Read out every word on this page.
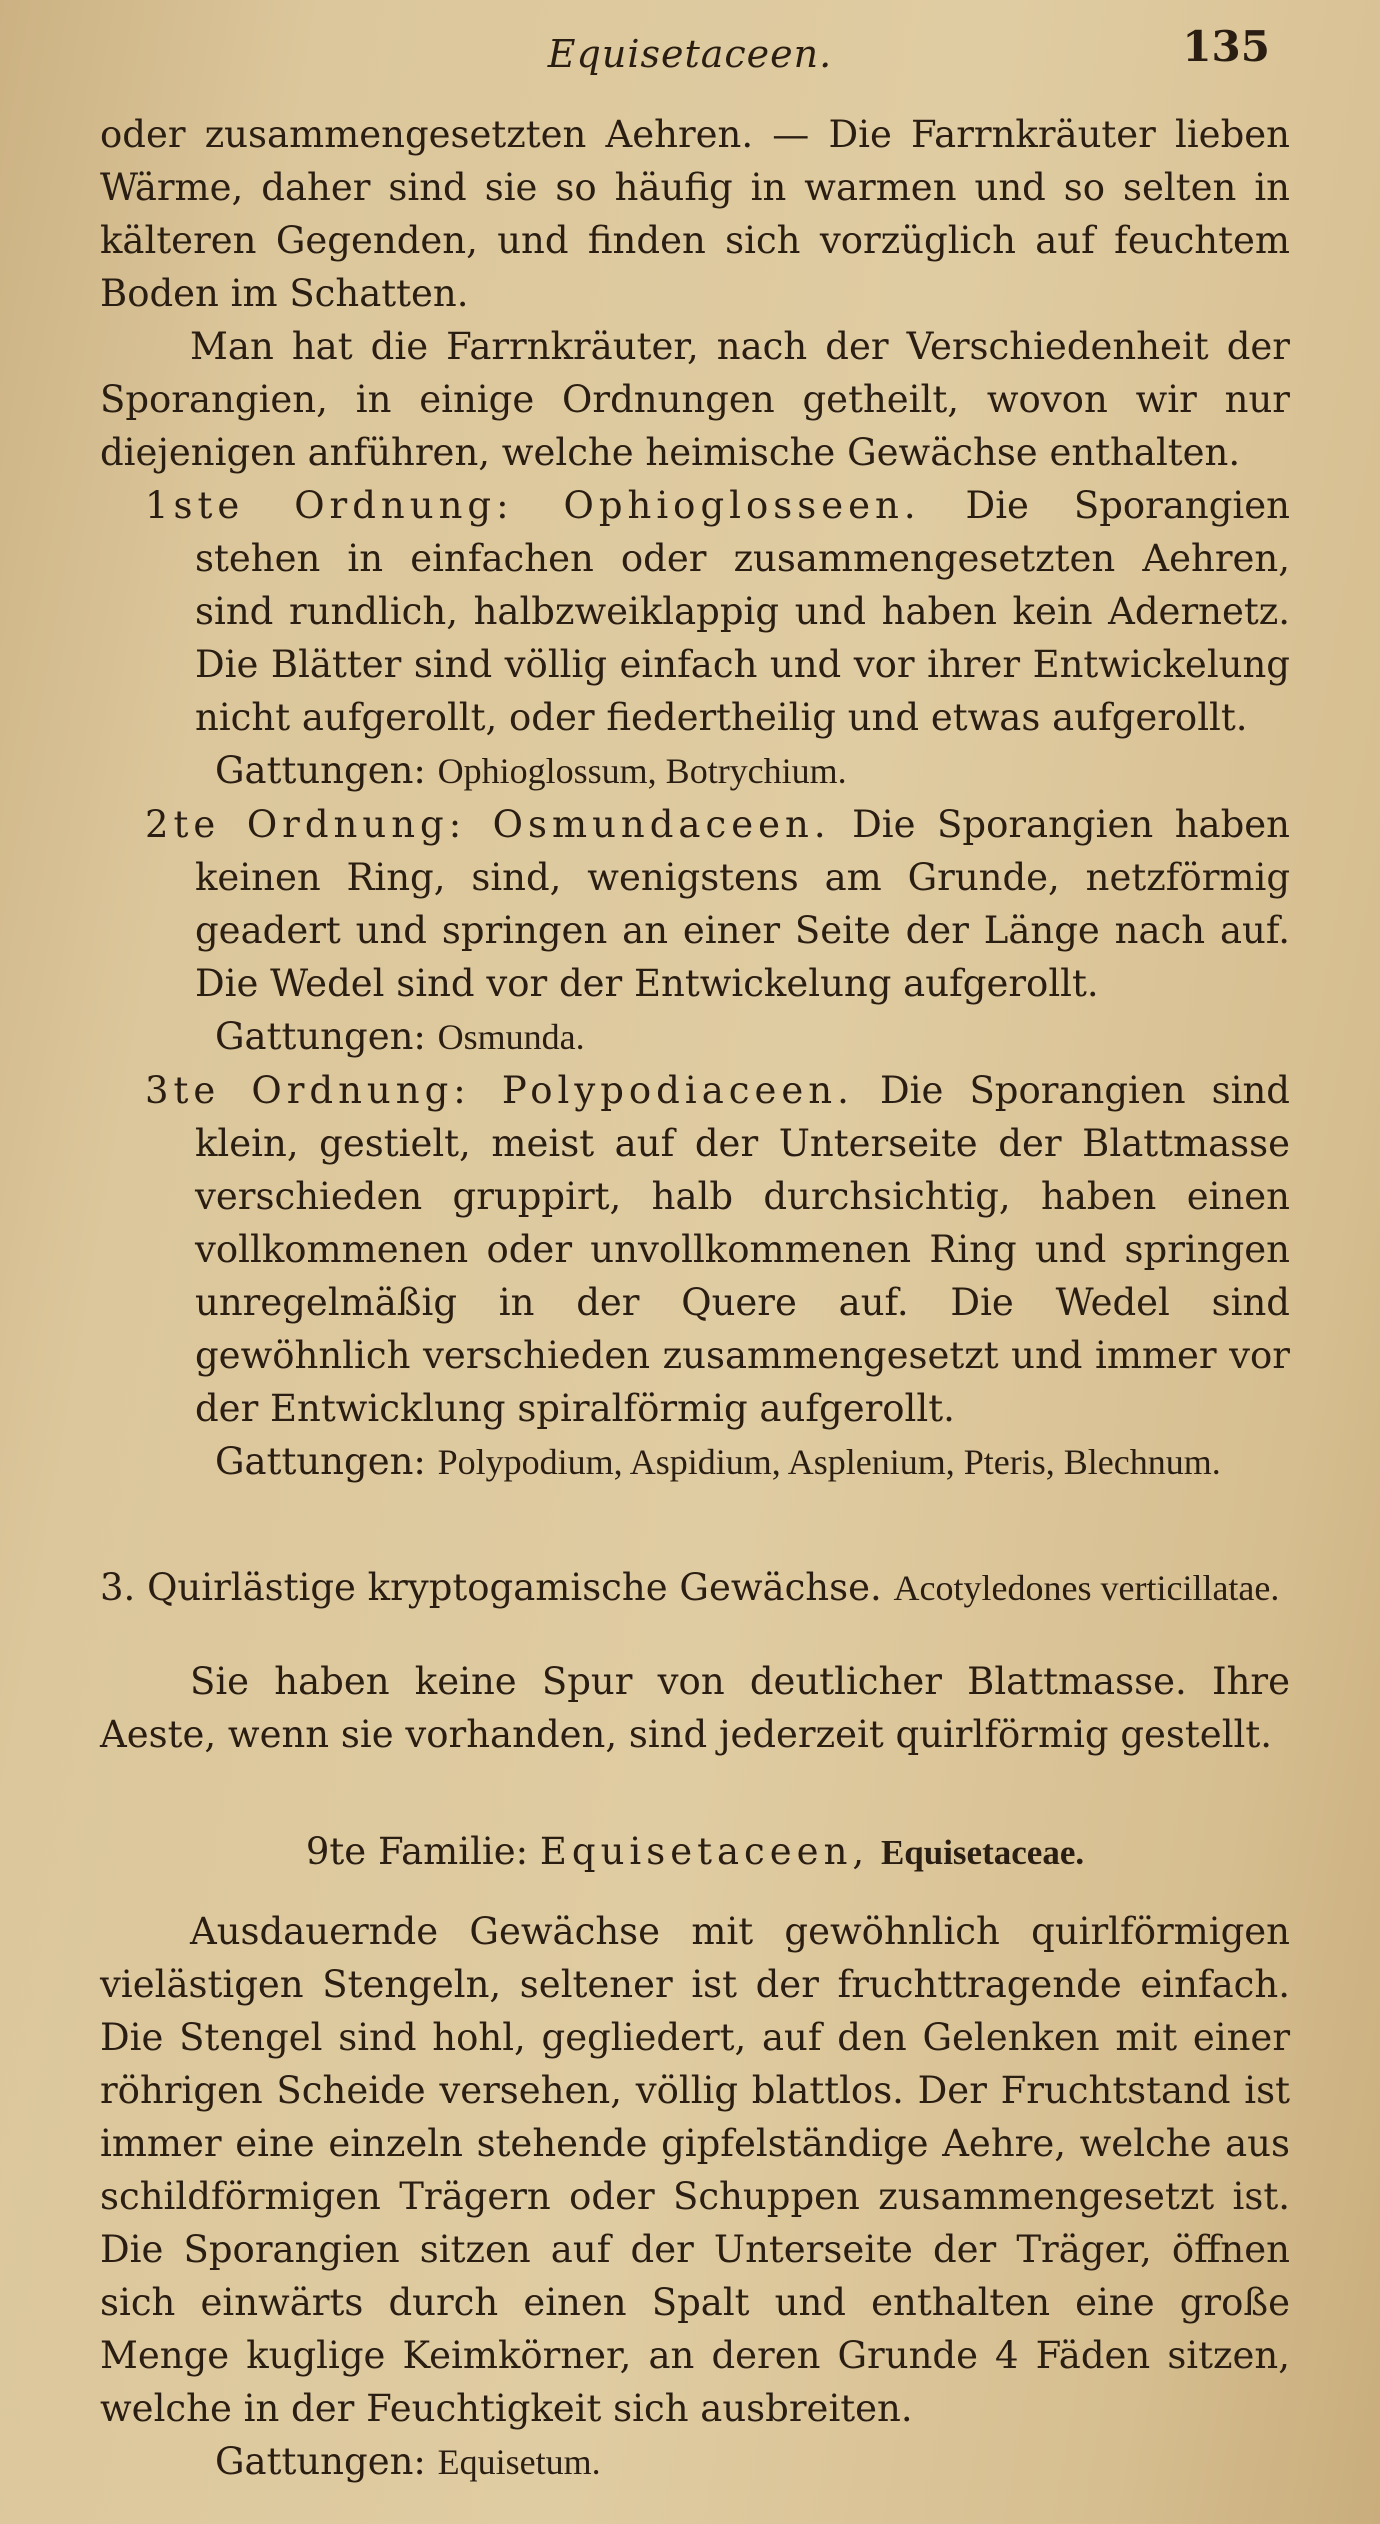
Equisetaceen.	135

oder zusammengesetzten Aehren. — Die Farrnkräuter lieben Wärme, daher sind sie so häufig in warmen und so selten in kälteren Gegenden, und finden sich vorzüglich auf feuchtem Boden im Schatten.

Man hat die Farrnkräuter, nach der Verschiedenheit der Sporangien, in einige Ordnungen getheilt, wovon wir nur diejenigen anführen, welche heimische Gewächse enthalten.

1ste Ordnung: Ophioglosseen. Die Sporangien stehen in einfachen oder zusammengesetzten Aehren, sind rundlich, halbzweiklappig und haben kein Adernetz. Die Blätter sind völlig einfach und vor ihrer Entwickelung nicht aufgerollt, oder fiedertheilig und etwas aufgerollt.

Gattungen: Ophioglossum, Botrychium.

2te Ordnung: Osmundaceen. Die Sporangien haben keinen Ring, sind, wenigstens am Grunde, netzförmig geadert und springen an einer Seite der Länge nach auf. Die Wedel sind vor der Entwickelung aufgerollt.

Gattungen: Osmunda.

3te Ordnung: Polypodiaceen. Die Sporangien sind klein, gestielt, meist auf der Unterseite der Blattmasse verschieden gruppirt, halb durchsichtig, haben einen vollkommenen oder unvollkommenen Ring und springen unregelmäßig in der Quere auf. Die Wedel sind gewöhnlich verschieden zusammengesetzt und immer vor der Entwicklung spiralförmig aufgerollt.

Gattungen: Polypodium, Aspidium, Asplenium, Pteris, Blechnum.

3. Quirlästige kryptogamische Gewächse. Acotyledones verticillatae.

Sie haben keine Spur von deutlicher Blattmasse. Ihre Aeste, wenn sie vorhanden, sind jederzeit quirlförmig gestellt.

9te Familie: Equisetaceen, Equisetaceae.

Ausdauernde Gewächse mit gewöhnlich quirlförmigen vielästigen Stengeln, seltener ist der fruchttragende einfach. Die Stengel sind hohl, gegliedert, auf den Gelenken mit einer röhrigen Scheide versehen, völlig blattlos. Der Fruchtstand ist immer eine einzeln stehende gipfelständige Aehre, welche aus schildförmigen Trägern oder Schuppen zusammengesetzt ist. Die Sporangien sitzen auf der Unterseite der Träger, öffnen sich einwärts durch einen Spalt und enthalten eine große Menge kuglige Keimkörner, an deren Grunde 4 Fäden sitzen, welche in der Feuchtigkeit sich ausbreiten.

Gattungen: Equisetum.
